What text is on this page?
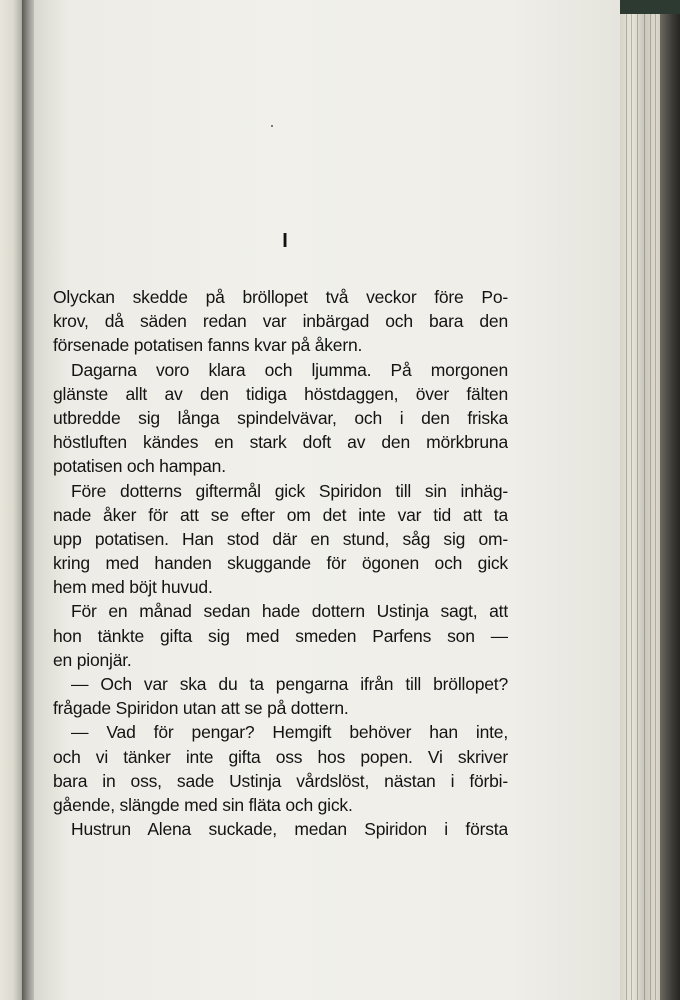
I
Olyckan skedde på bröllopet två veckor före Po-
krov, då säden redan var inbärgad och bara den
försenade potatisen fanns kvar på åkern.
Dagarna voro klara och ljumma. På morgonen
glänste allt av den tidiga höstdaggen, över fälten
utbredde sig långa spindelvävar, och i den friska
höstluften kändes en stark doft av den mörkbruna
potatisen och hampan.
Före dotterns giftermål gick Spiridon till sin inhäg-
nade åker för att se efter om det inte var tid att ta
upp potatisen. Han stod där en stund, såg sig om-
kring med handen skuggande för ögonen och gick
hem med böjt huvud.
För en månad sedan hade dottern Ustinja sagt, att
hon tänkte gifta sig med smeden Parfens son —
en pionjär.
— Och var ska du ta pengarna ifrån till bröllopet?
frågade Spiridon utan att se på dottern.
— Vad för pengar? Hemgift behöver han inte,
och vi tänker inte gifta oss hos popen. Vi skriver
bara in oss, sade Ustinja vårdslöst, nästan i förbi-
gående, slängde med sin fläta och gick.
Hustrun Alena suckade, medan Spiridon i första
